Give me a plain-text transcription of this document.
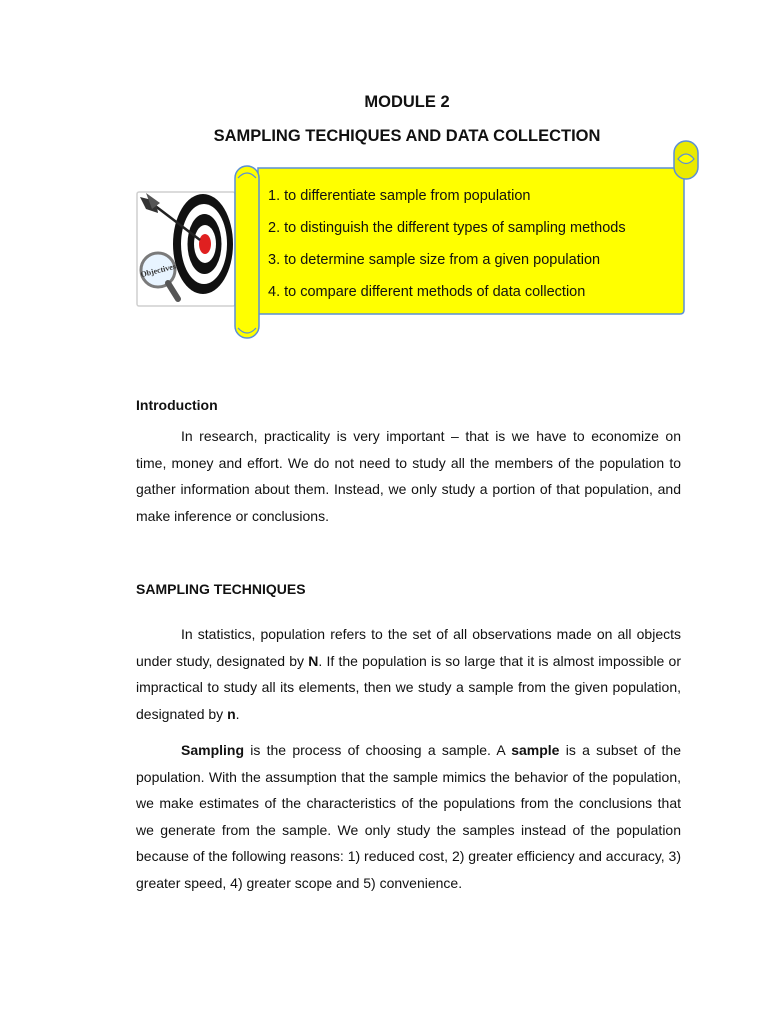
MODULE 2
SAMPLING TECHIQUES AND DATA COLLECTION
Objectives
1. to differentiate sample from population
2. to distinguish the different types of sampling methods
3. to determine sample size from a given population
4. to compare different methods of data collection
Introduction

In research, practicality is very important – that is we have to economize on time, money and effort. We do not need to study all the members of the population to gather information about them. Instead, we only study a portion of that population, and make inference or conclusions.

SAMPLING TECHNIQUES

In statistics, population refers to the set of all observations made on all objects under study, designated by N. If the population is so large that it is almost impossible or impractical to study all its elements, then we study a sample from the given population, designated by n.

Sampling is the process of choosing a sample. A sample is a subset of the population. With the assumption that the sample mimics the behavior of the population, we make estimates of the characteristics of the populations from the conclusions that we generate from the sample. We only study the samples instead of the population because of the following reasons: 1) reduced cost, 2) greater efficiency and accuracy, 3) greater speed, 4) greater scope and 5) convenience.
